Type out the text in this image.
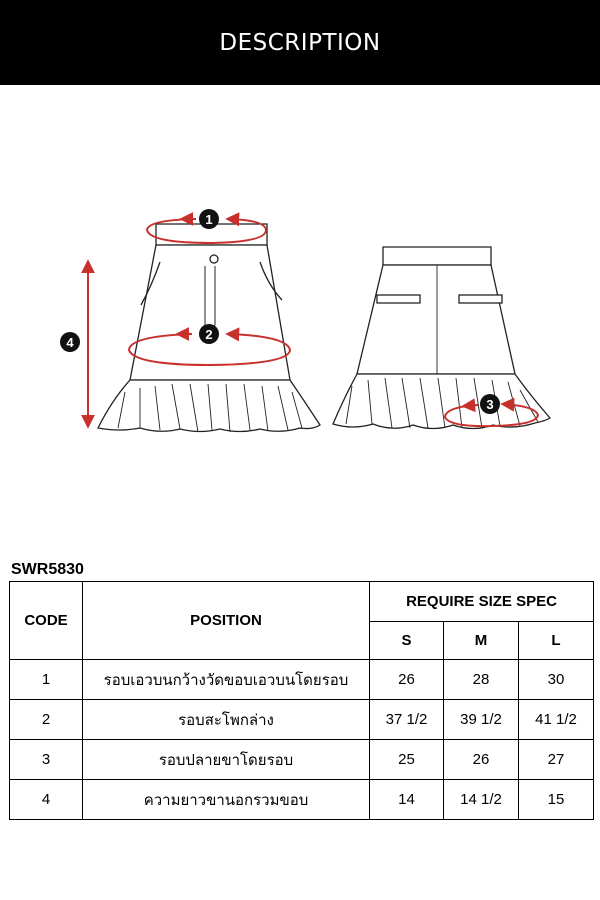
DESCRIPTION
1
2
3
4
SWR5830
CODE	POSITION	REQUIRE SIZE SPEC		
		S	M	L
1	รอบเอวบนกว้างวัดขอบเอวบนโดยรอบ	26	28	30
2	รอบสะโพกล่าง	37 1/2	39 1/2	41 1/2
3	รอบปลายขาโดยรอบ	25	26	27
4	ความยาวขานอกรวมขอบ	14	14 1/2	15
